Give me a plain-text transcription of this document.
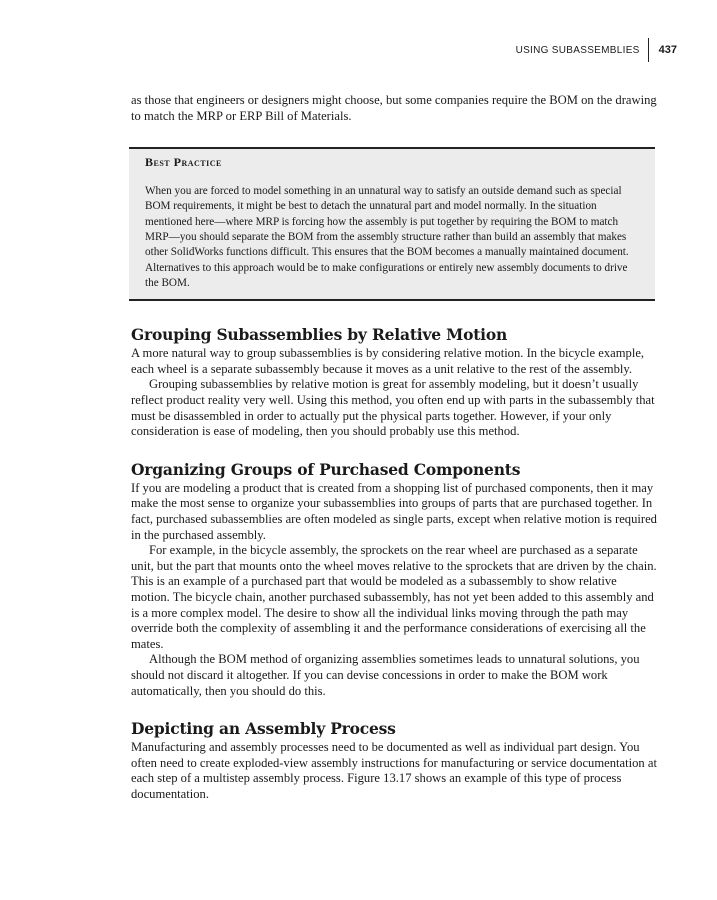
USING SUBASSEMBLIES	437

as those that engineers or designers might choose, but some companies require the BOM on the drawing to match the MRP or ERP Bill of Materials.

Best Practice

When you are forced to model something in an unnatural way to satisfy an outside demand such as special BOM requirements, it might be best to detach the unnatural part and model normally. In the situation mentioned here—where MRP is forcing how the assembly is put together by requiring the BOM to match MRP—you should separate the BOM from the assembly structure rather than build an assembly that makes other SolidWorks functions difficult. This ensures that the BOM becomes a manually maintained document. Alternatives to this approach would be to make configurations or entirely new assembly documents to drive the BOM.

Grouping Subassemblies by Relative Motion

A more natural way to group subassemblies is by considering relative motion. In the bicycle example, each wheel is a separate subassembly because it moves as a unit relative to the rest of the assembly.

Grouping subassemblies by relative motion is great for assembly modeling, but it doesn’t usually reflect product reality very well. Using this method, you often end up with parts in the subassembly that must be disassembled in order to actually put the physical parts together. However, if your only consideration is ease of modeling, then you should probably use this method.

Organizing Groups of Purchased Components

If you are modeling a product that is created from a shopping list of purchased components, then it may make the most sense to organize your subassemblies into groups of parts that are purchased together. In fact, purchased subassemblies are often modeled as single parts, except when relative motion is required in the purchased assembly.

For example, in the bicycle assembly, the sprockets on the rear wheel are purchased as a separate unit, but the part that mounts onto the wheel moves relative to the sprockets that are driven by the chain. This is an example of a purchased part that would be modeled as a subassembly to show relative motion. The bicycle chain, another purchased subassembly, has not yet been added to this assembly and is a more complex model. The desire to show all the individual links moving through the path may override both the complexity of assembling it and the performance considerations of exercising all the mates.

Although the BOM method of organizing assemblies sometimes leads to unnatural solutions, you should not discard it altogether. If you can devise concessions in order to make the BOM work automatically, then you should do this.

Depicting an Assembly Process

Manufacturing and assembly processes need to be documented as well as individual part design. You often need to create exploded-view assembly instructions for manufacturing or service documentation at each step of a multistep assembly process. Figure 13.17 shows an example of this type of process documentation.
